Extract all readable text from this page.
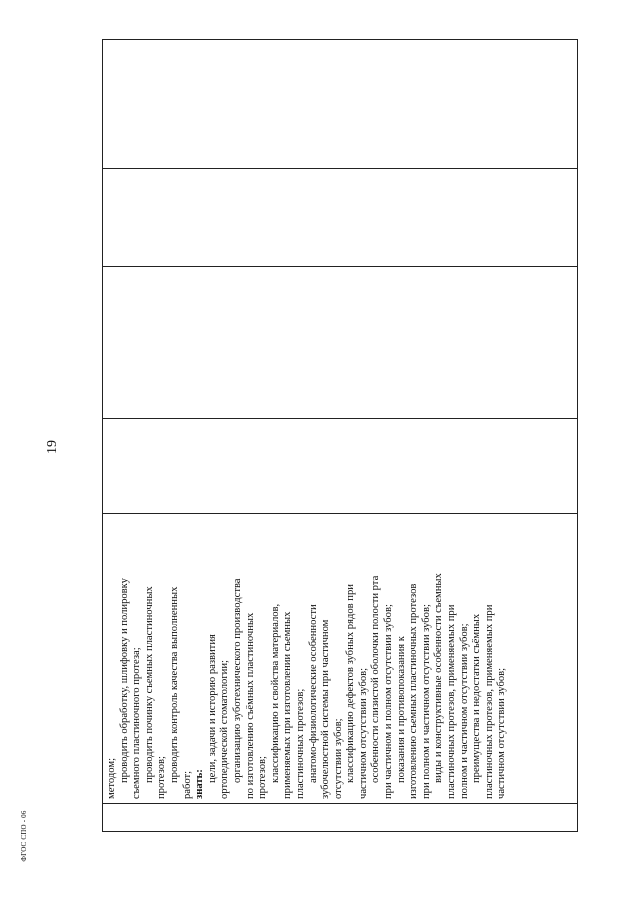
19

методом; проводить обработку, шлифовку и полировку съемного пластиночного протеза; проводить починку съемных пластиночных протезов; проводить контроль качества выполненных
работ; знать:
цели, задачи и историю развития ортопедической стоматологии; организацию зуботехнического производства по изготовлению съёмных пластиночных протезов; классификацию и свойства материалов, применяемых при изготовлении съемных пластиночных протезов; анатомо-физиологические особенности зубочелюстной системы при частичном отсутствии зубов; классификацию дефектов зубных рядов при частичном отсутствии зубов; особенности слизистой оболочки полости рта при частичном и полном отсутствии зубов; показания и противопоказания к изготовлению съемных пластиночных протезов при полном и частичном отсутствии зубов; виды и конструктивные особенности съемных пластиночных протезов, применяемых при полном и частичном отсутствии зубов; преимущества и недостатки съёмных пластиночных протезов, применяемых при частичном отсутствии зубов;

ФГОС СПО - 06
